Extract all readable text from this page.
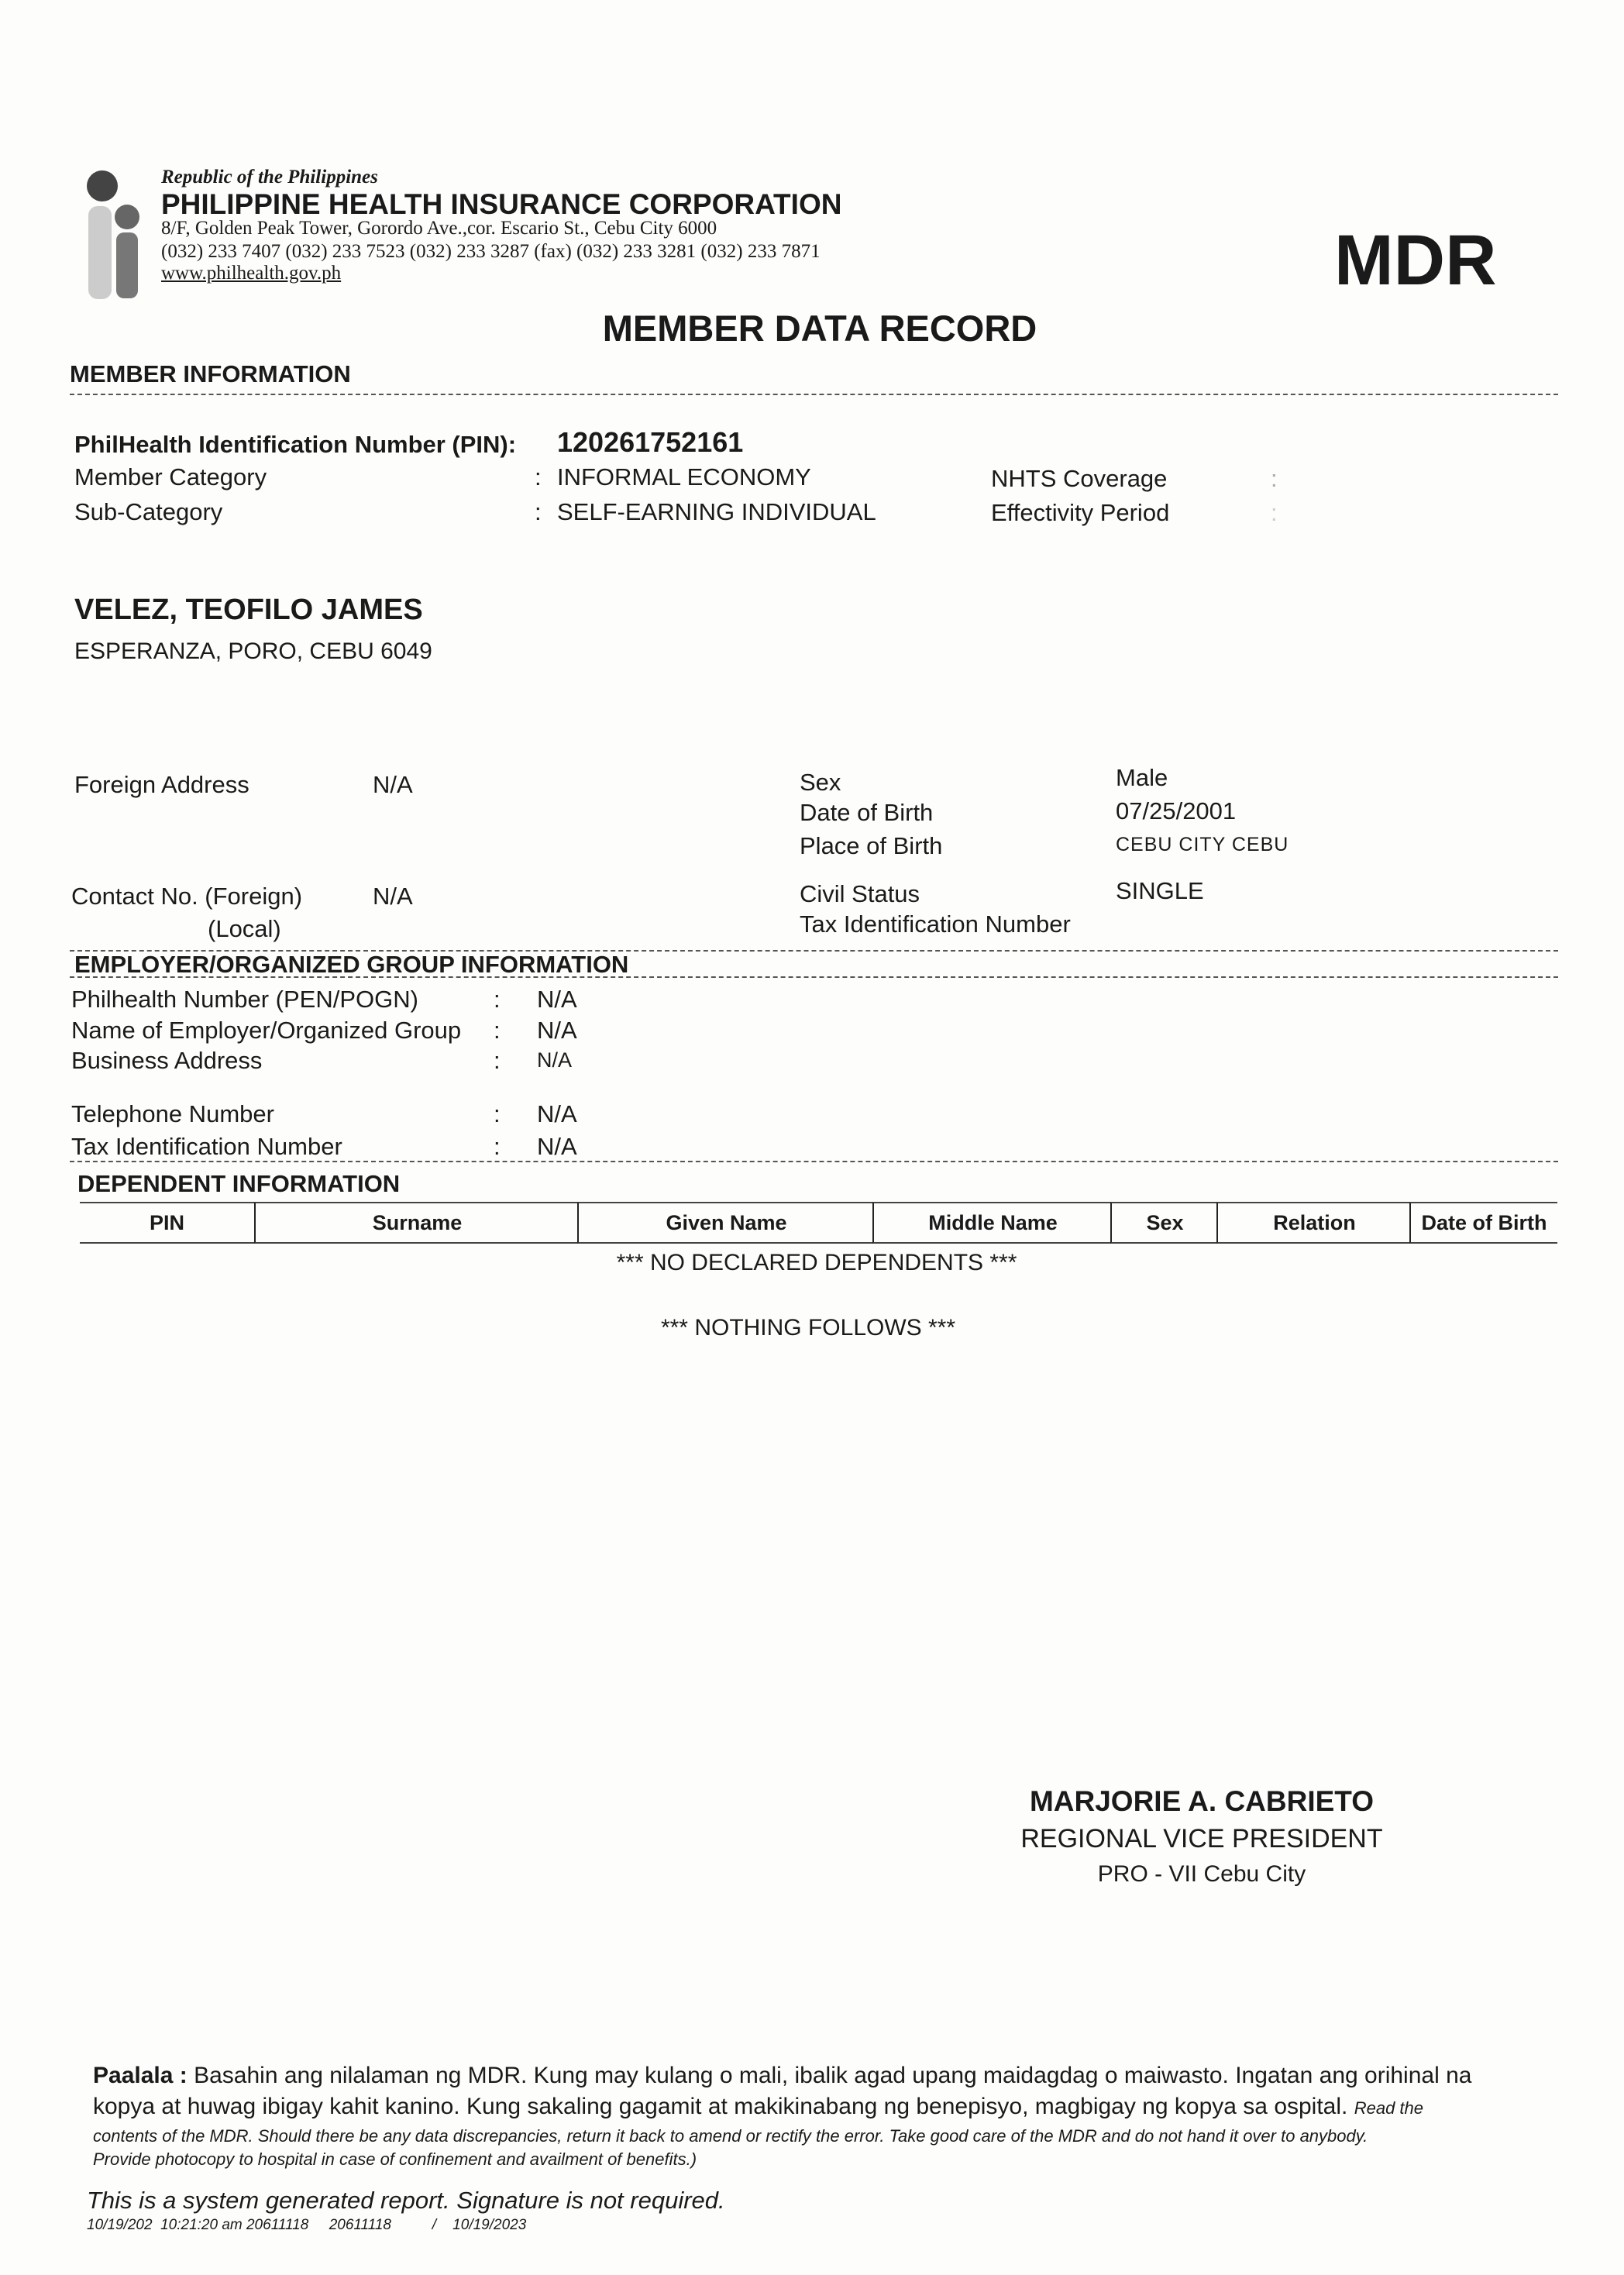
Republic of the Philippines
PHILIPPINE HEALTH INSURANCE CORPORATION
8/F, Golden Peak Tower, Gorordo Ave.,cor. Escario St., Cebu City 6000
(032) 233 7407 (032) 233 7523 (032) 233 3287 (fax) (032) 233 3281 (032) 233 7871
www.philhealth.gov.ph	MDR
MEMBER DATA RECORD
MEMBER INFORMATION
PhilHealth Identification Number (PIN): 120261752161
Member Category	: INFORMAL ECONOMY
Sub-Category	: SELF-EARNING INDIVIDUAL
NHTS Coverage	:
Effectivity Period	:
VELEZ, TEOFILO JAMES
ESPERANZA, PORO, CEBU 6049
Foreign Address	N/A
Contact No. (Foreign)	N/A
(Local)
Sex	Male
Date of Birth	07/25/2001
Place of Birth	CEBU CITY CEBU
Civil Status	SINGLE
Tax Identification Number
EMPLOYER/ORGANIZED GROUP INFORMATION
Philhealth Number (PEN/POGN)	N/A
Name of Employer/Organized Group	N/A
Business Address	N/A
Telephone Number	N/A
Tax Identification Number	N/A
:
:
:
:
:
DEPENDENT INFORMATION
PIN	Surname	Given Name	Middle Name	Sex	Relation	Date of Birth
*** NO DECLARED DEPENDENTS ***
*** NOTHING FOLLOWS ***
MARJORIE A. CABRIETO
REGIONAL VICE PRESIDENT
PRO - VII Cebu City
Paalala : Basahin ang nilalaman ng MDR. Kung may kulang o mali, ibalik agad upang maidagdag o maiwasto. Ingatan ang orihinal na
kopya at huwag ibigay kahit kanino. Kung sakaling gagamit at makikinabang ng benepisyo, magbigay ng kopya sa ospital. Read the
contents of the MDR. Should there be any data discrepancies, return it back to amend or rectify the error. Take good care of the MDR and do not hand it over to anybody.
Provide photocopy to hospital in case of confinement and availment of benefits.)
This is a system generated report. Signature is not required.
10/19/202  10:21:20 am 20611118     20611118          /    10/19/2023
